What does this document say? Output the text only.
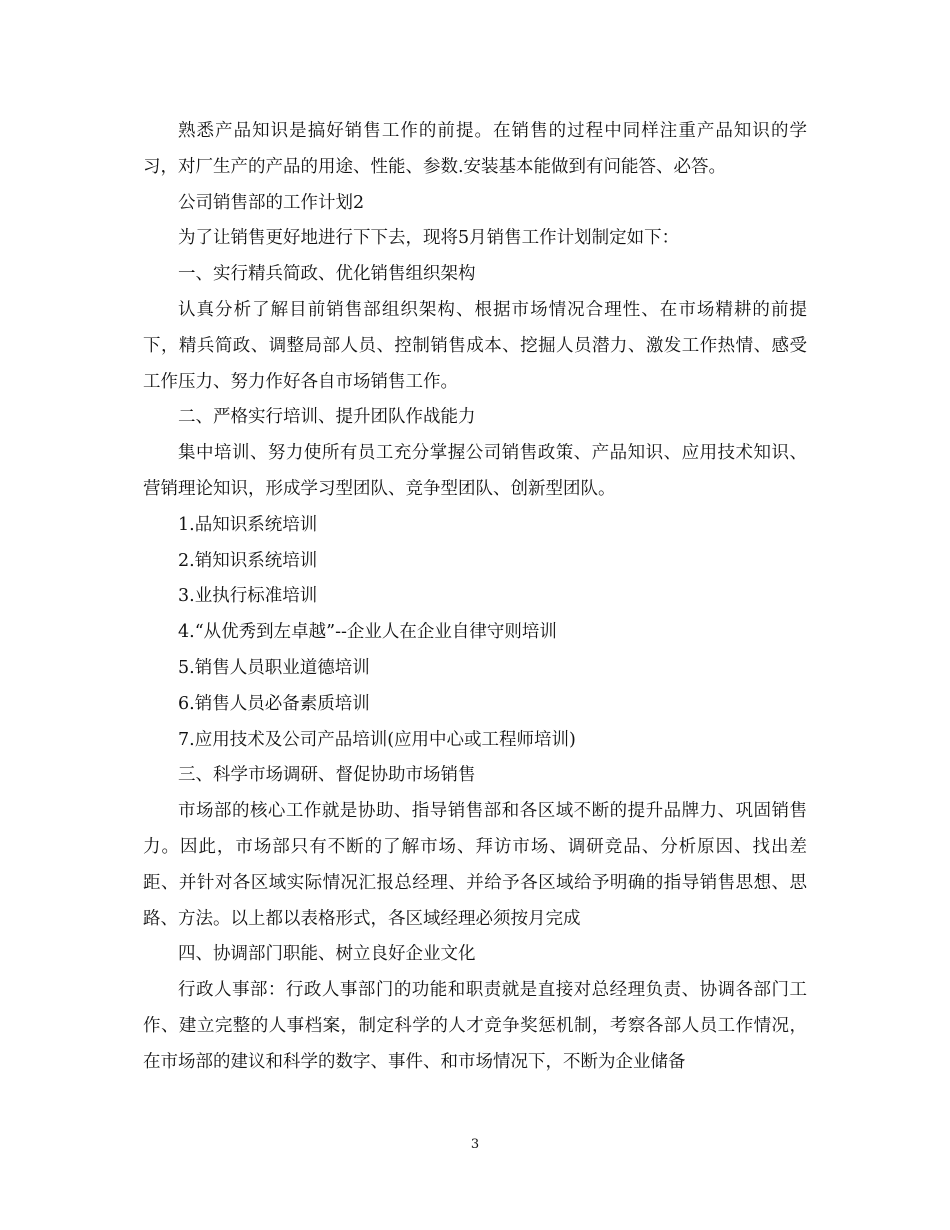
熟悉产品知识是搞好销售工作的前提。在销售的过程中同样注重产品知识的学习，对厂生产的产品的用途、性能、参数.安装基本能做到有问能答、必答。

公司销售部的工作计划2

为了让销售更好地进行下下去，现将5月销售工作计划制定如下：

一、实行精兵简政、优化销售组织架构

认真分析了解目前销售部组织架构、根据市场情况合理性、在市场精耕的前提下，精兵简政、调整局部人员、控制销售成本、挖掘人员潜力、激发工作热情、感受工作压力、努力作好各自市场销售工作。

二、严格实行培训、提升团队作战能力

集中培训、努力使所有员工充分掌握公司销售政策、产品知识、应用技术知识、营销理论知识，形成学习型团队、竞争型团队、创新型团队。

1.品知识系统培训

2.销知识系统培训

3.业执行标准培训

4.“从优秀到左卓越”--企业人在企业自律守则培训

5.销售人员职业道德培训

6.销售人员必备素质培训

7.应用技术及公司产品培训(应用中心或工程师培训)

三、科学市场调研、督促协助市场销售

市场部的核心工作就是协助、指导销售部和各区域不断的提升品牌力、巩固销售力。因此，市场部只有不断的了解市场、拜访市场、调研竞品、分析原因、找出差距、并针对各区域实际情况汇报总经理、并给予各区域给予明确的指导销售思想、思路、方法。以上都以表格形式，各区域经理必须按月完成

四、协调部门职能、树立良好企业文化

行政人事部：行政人事部门的功能和职责就是直接对总经理负责、协调各部门工作、建立完整的人事档案，制定科学的人才竞争奖惩机制，考察各部人员工作情况，在市场部的建议和科学的数字、事件、和市场情况下，不断为企业储备

3
